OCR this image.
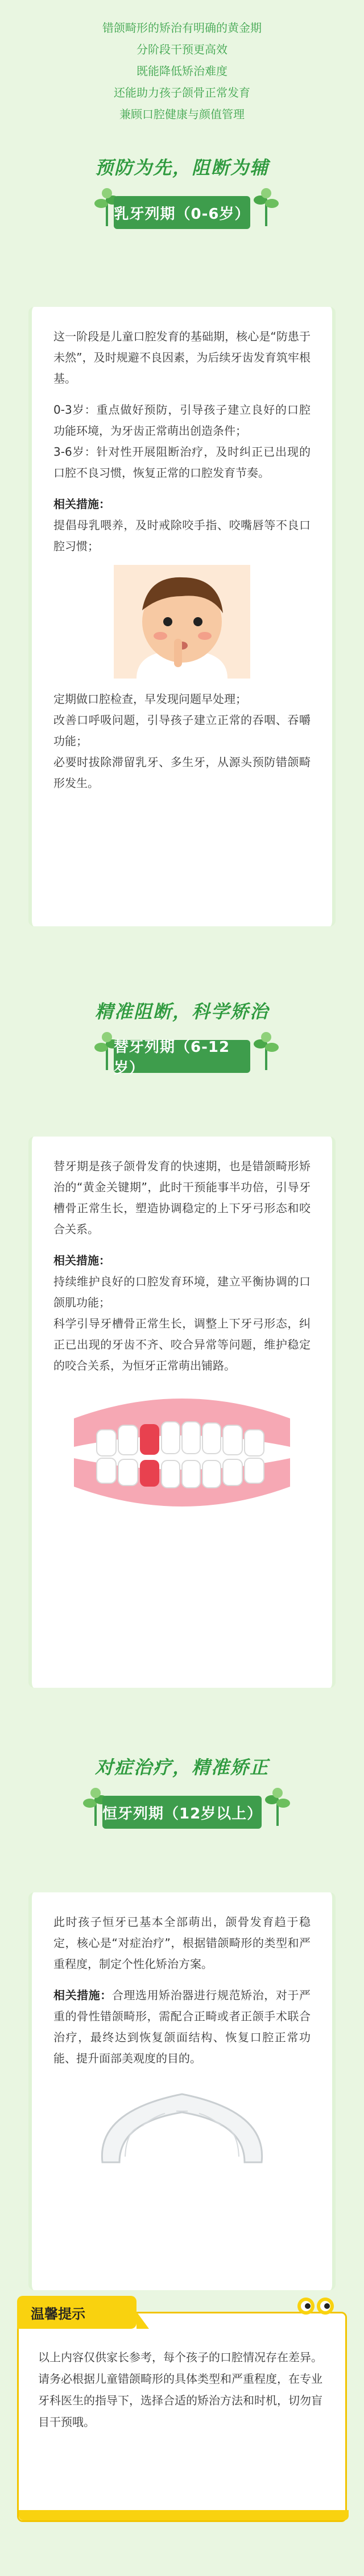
错颌畸形的矫治有明确的黄金期
分阶段干预更高效
既能降低矫治难度
还能助力孩子颌骨正常发育
兼顾口腔健康与颜值管理
预防为先，阻断为辅
乳牙列期（0-6岁）

这一阶段是儿童口腔发育的基础期，核心是“防患于未然”，及时规避不良因素，为后续牙齿发育筑牢根基。

0-3岁：重点做好预防，引导孩子建立良好的口腔功能环境，为牙齿正常萌出创造条件；

3-6岁：针对性开展阻断治疗，及时纠正已出现的口腔不良习惯，恢复正常的口腔发育节奏。

相关措施：

提倡母乳喂养，及时戒除咬手指、咬嘴唇等不良口腔习惯；

定期做口腔检查，早发现问题早处理；

改善口呼吸问题，引导孩子建立正常的吞咽、吞嚼功能；

必要时拔除滞留乳牙、多生牙，从源头预防错颌畸形发生。

精准阻断，科学矫治
替牙列期（6-12岁）

替牙期是孩子颌骨发育的快速期，也是错颌畸形矫治的“黄金关键期”，此时干预能事半功倍，引导牙槽骨正常生长，塑造协调稳定的上下牙弓形态和咬合关系。

相关措施：

持续维护良好的口腔发育环境，建立平衡协调的口颌肌功能；

科学引导牙槽骨正常生长，调整上下牙弓形态，纠正已出现的牙齿不齐、咬合异常等问题，维护稳定的咬合关系，为恒牙正常萌出铺路。

对症治疗，精准矫正
恒牙列期（12岁以上）

此时孩子恒牙已基本全部萌出，颌骨发育趋于稳定，核心是“对症治疗”，根据错颌畸形的类型和严重程度，制定个性化矫治方案。

相关措施：合理选用矫治器进行规范矫治，对于严重的骨性错颌畸形，需配合正畸或者正颌手术联合治疗，最终达到恢复颌面结构、恢复口腔正常功能、提升面部美观度的目的。

以上内容仅供家长参考，每个孩子的口腔情况存在差异。请务必根据儿童错颌畸形的具体类型和严重程度，在专业牙科医生的指导下，选择合适的矫治方法和时机，切勿盲目干预哦。

温馨提示
